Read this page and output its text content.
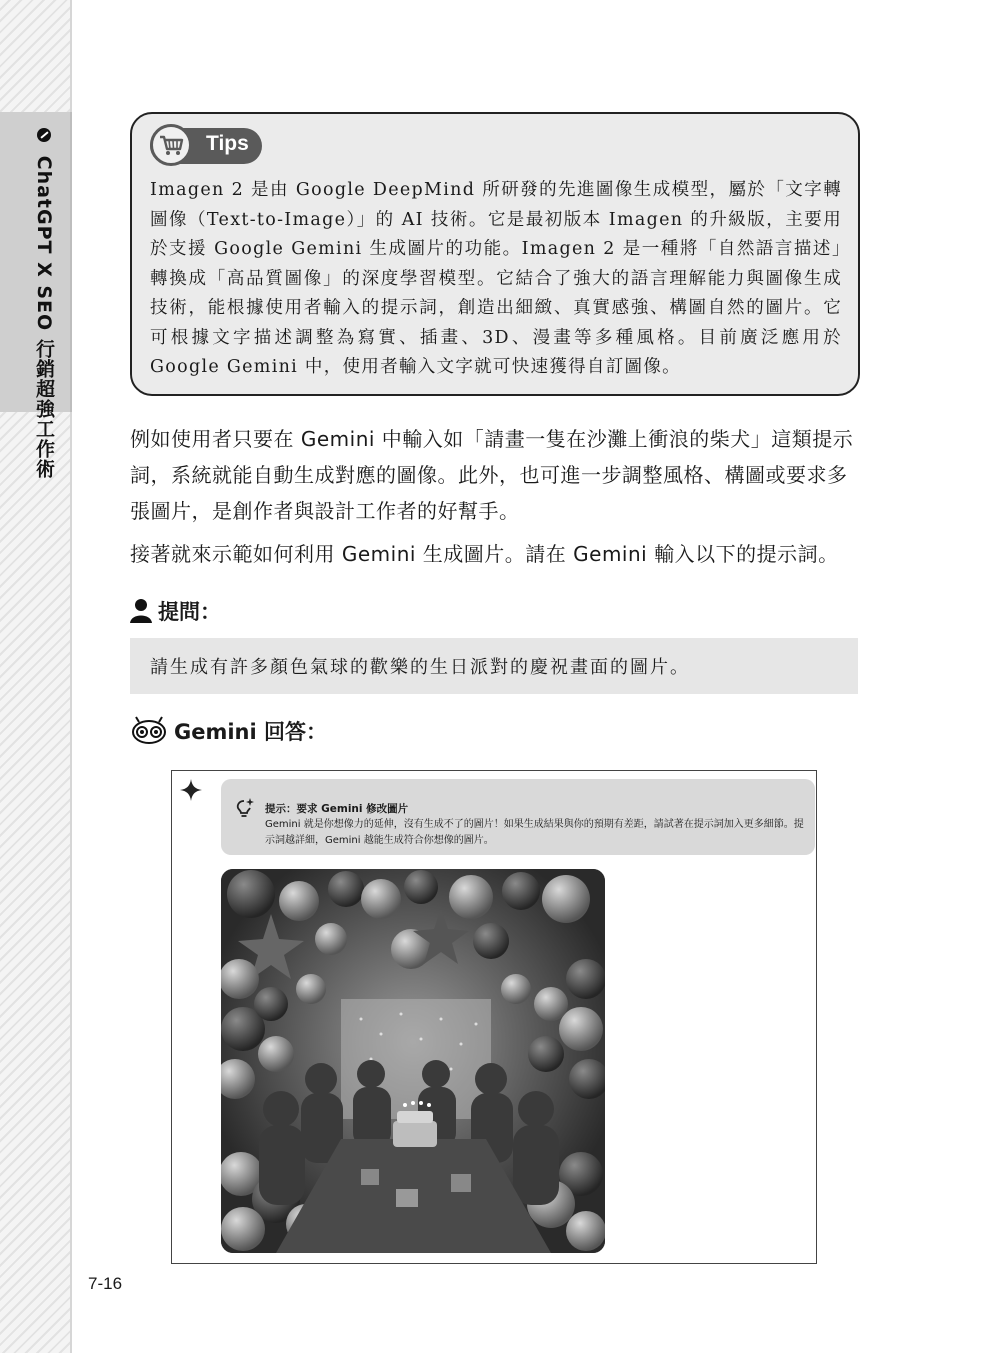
ChatGPT X SEO 行銷超強工作術
Tips
Imagen 2 是由 Google DeepMind 所研發的先進圖像生成模型，屬於「文字轉圖像（Text-to-Image）」的 AI 技術。它是最初版本 Imagen 的升級版，主要用於支援 Google Gemini 生成圖片的功能。Imagen 2 是一種將「自然語言描述」轉換成「高品質圖像」的深度學習模型。它結合了強大的語言理解能力與圖像生成技術，能根據使用者輸入的提示詞，創造出細緻、真實感強、構圖自然的圖片。它可根據文字描述調整為寫實、插畫、3D、漫畫等多種風格。目前廣泛應用於 Google Gemini 中，使用者輸入文字就可快速獲得自訂圖像。
例如使用者只要在 Gemini 中輸入如「請畫一隻在沙灘上衝浪的柴犬」這類提示詞，系統就能自動生成對應的圖像。此外，也可進一步調整風格、構圖或要求多張圖片，是創作者與設計工作者的好幫手。
接著就來示範如何利用 Gemini 生成圖片。請在 Gemini 輸入以下的提示詞。
提問：
請生成有許多顏色氣球的歡樂的生日派對的慶祝畫面的圖片。
Gemini 回答：
提示：要求 Gemini 修改圖片
Gemini 就是你想像力的延伸，沒有生成不了的圖片！如果生成結果與你的預期有差距，請試著在提示詞加入更多細節。提示詞越詳細，Gemini 越能生成符合你想像的圖片。
7-16
